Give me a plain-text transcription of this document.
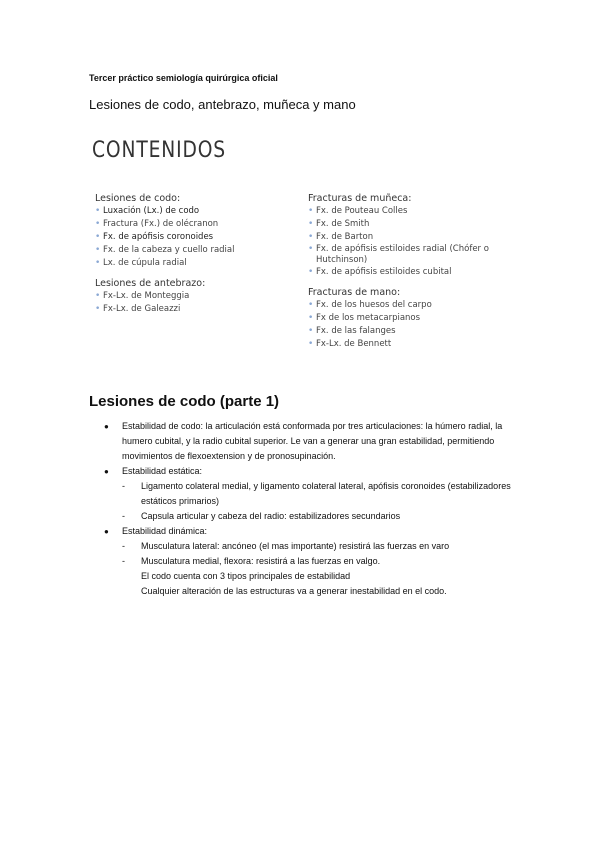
Tercer práctico semiología quirúrgica oficial
Lesiones de codo, antebrazo, muñeca y mano
CONTENIDOS
Lesiones de codo:
• Luxación (Lx.) de codo
• Fractura (Fx.) de olécranon
• Fx. de apófisis coronoides
• Fx. de la cabeza y cuello radial
• Lx. de cúpula radial
Lesiones de antebrazo:
• Fx-Lx. de Monteggia
• Fx-Lx. de Galeazzi
Fracturas de muñeca:
• Fx. de Pouteau Colles
• Fx. de Smith
• Fx. de Barton
• Fx. de apófisis estiloides radial (Chófer o Hutchinson)
• Fx. de apófisis estiloides cubital
Fracturas de mano:
• Fx. de los huesos del carpo
• Fx de los metacarpianos
• Fx. de las falanges
• Fx-Lx. de Bennett
Lesiones de codo (parte 1)
● Estabilidad de codo: la articulación está conformada por tres articulaciones: la húmero radial, la humero cubital, y la radio cubital superior. Le van a generar una gran estabilidad, permitiendo movimientos de flexoextension y de pronosupinación.
● Estabilidad estática:
- Ligamento colateral medial, y ligamento colateral lateral, apófisis coronoides (estabilizadores estáticos primarios)
- Capsula articular y cabeza del radio: estabilizadores secundarios
● Estabilidad dinámica:
- Musculatura lateral: ancóneo (el mas importante) resistirá las fuerzas en varo
- Musculatura medial, flexora: resistirá a las fuerzas en valgo.
El codo cuenta con 3 tipos principales de estabilidad
Cualquier alteración de las estructuras va a generar inestabilidad en el codo.
